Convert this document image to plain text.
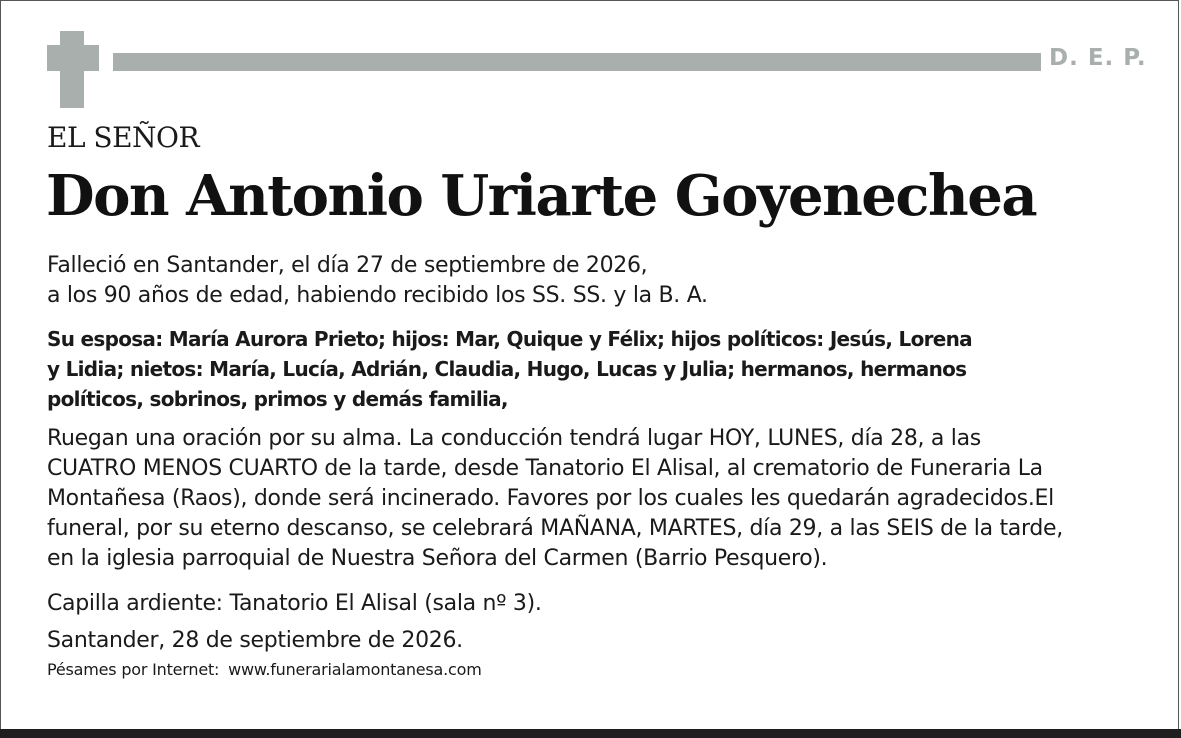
D. E. P.
EL SEÑOR
Don Antonio Uriarte Goyenechea

Falleció en Santander, el día 27 de septiembre de 2026,
a los 90 años de edad, habiendo recibido los SS. SS. y la B. A.

Su esposa: María Aurora Prieto; hijos: Mar, Quique y Félix; hijos políticos: Jesús, Lorena
y Lidia; nietos: María, Lucía, Adrián, Claudia, Hugo, Lucas y Julia; hermanos, hermanos
políticos, sobrinos, primos y demás familia,

Ruegan una oración por su alma. La conducción tendrá lugar HOY, LUNES, día 28, a las
CUATRO MENOS CUARTO de la tarde, desde Tanatorio El Alisal, al crematorio de Funeraria La
Montañesa (Raos), donde será incinerado. Favores por los cuales les quedarán agradecidos.El
funeral, por su eterno descanso, se celebrará MAÑANA, MARTES, día 29, a las SEIS de la tarde,
en la iglesia parroquial de Nuestra Señora del Carmen (Barrio Pesquero).

Capilla ardiente: Tanatorio El Alisal (sala nº 3).

Santander, 28 de septiembre de 2026.

Pésames por Internet: www.funerarialamontanesa.com
